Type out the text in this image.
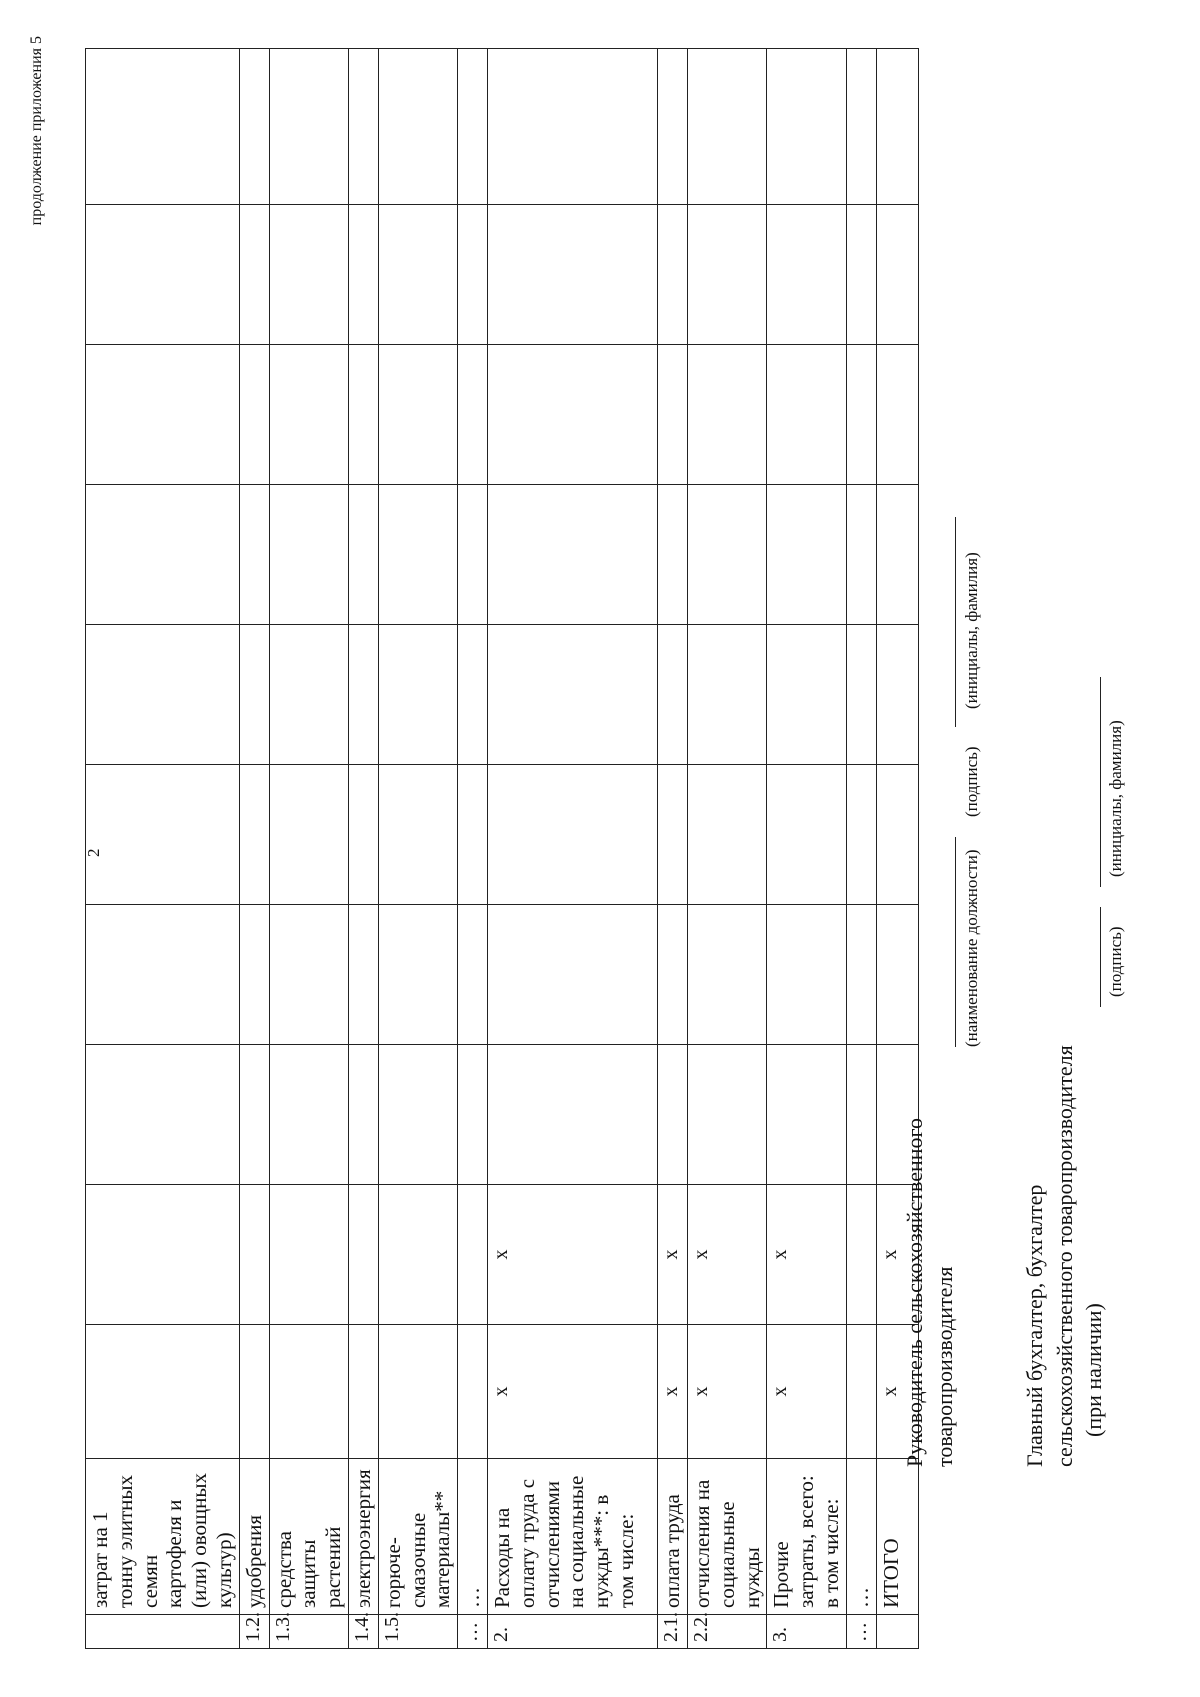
продолжение приложения 5
2
	затрат на 1 тонну элитных семян картофеля и (или) овощных культур)										
1.2.	удобрения										
1.3.	средства защиты растений										
1.4.	электроэнергия										
1.5.	горюче-смазочные материалы**										
…	…										
2.	Расходы на оплату труда с отчислениями на социальные нужды***: в том числе:	x	x								
2.1.	оплата труда	x	x								
2.2.	отчисления на социальные нужды	x	x								
3.	Прочие затраты, всего: в том числе:	x	x								
…	…										
	ИТОГО	x	x								Руководитель сельскохозяйственного товаропроизводителя
(наименование должности)
(подпись)
(инициалы, фамилия)
Главный бухгалтер, бухгалтер сельскохозяйственного товаропроизводителя (при наличии)
(подпись)
(инициалы, фамилия)
